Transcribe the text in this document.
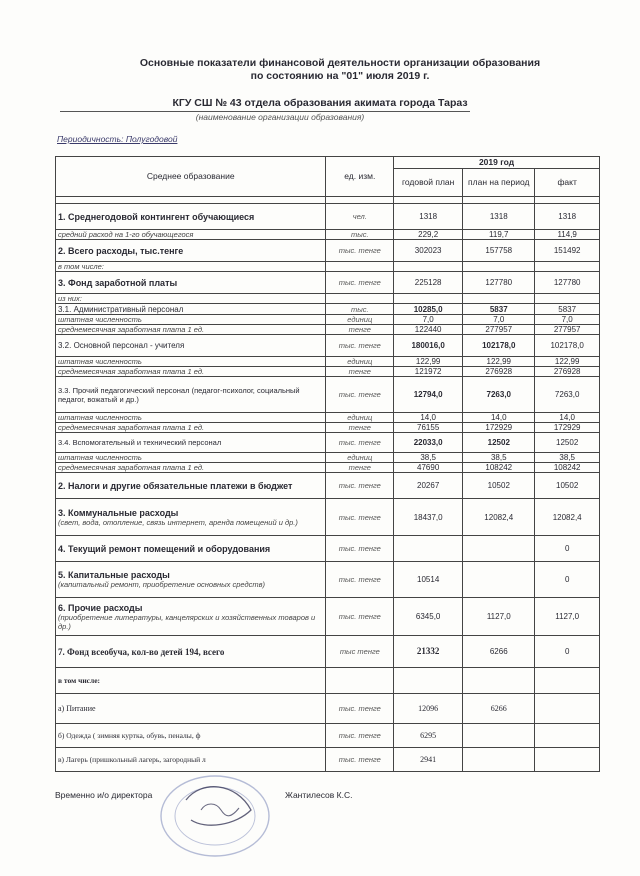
Основные показатели финансовой деятельности организации образования
по состоянию на "01" июля 2019 г.
КГУ СШ № 43 отдела образования акимата города Тараз
(наименование организации образования)
Периодичность: Полугодовой
Среднее образование	ед. изм.	2019 год		
		годовой план	план на период	факт

1. Среднегодовой контингент обучающиеся	чел.	1318	1318	1318
средний расход на 1-го обучающегося	тыс.	229,2	119,7	114,9
2. Всего расходы, тыс.тенге	тыс. тенге	302023	157758	151492
в том числе:				
3. Фонд заработной платы	тыс. тенге	225128	127780	127780
из них:				
3.1. Административный персонал	тыс.	10285,0	5837	5837
штатная численность	единиц	7,0	7,0	7,0
среднемесячная заработная плата 1 ед.	тенге	122440	277957	277957
3.2. Основной персонал - учителя	тыс. тенге	180016,0	102178,0	102178,0
штатная численность	единиц	122,99	122,99	122,99
среднемесячная заработная плата 1 ед.	тенге	121972	276928	276928
3.3. Прочий педагогический персонал (педагог-психолог, социальный педагог, вожатый и др.)	тыс. тенге	12794,0	7263,0	7263,0
штатная численность	единиц	14,0	14,0	14,0
среднемесячная заработная плата 1 ед.	тенге	76155	172929	172929
3.4. Вспомогательный и технический персонал	тыс. тенге	22033,0	12502	12502
штатная численность	единиц	38,5	38,5	38,5
среднемесячная заработная плата 1 ед.	тенге	47690	108242	108242
2. Налоги и другие обязательные платежи в бюджет	тыс. тенге	20267	10502	10502

3. Коммунальные расходы
(свет, вода, отопление, связь интернет, аренда помещений и др.)	тыс. тенге	18437,0	12082,4	12082,4
4. Текущий ремонт помещений и оборудования	тыс. тенге			0

5. Капитальные расходы
(капитальный ремонт, приобретение основных средств)	тыс. тенге	10514		0

6. Прочие расходы
(приобретение литературы, канцелярских и хозяйственных товаров и др.)	тыс. тенге	6345,0	1127,0	1127,0
7. Фонд всеобуча, кол-во детей 194, всего	тыс тенге	21332	6266	0
в том числе:				
а) Питание	тыс. тенге	12096	6266	
б) Одежда ( зимняя куртка, обувь, пеналы, ф	тыс. тенге	6295		
в) Лагерь (пришкольный лагерь, загородный л	тыс. тенге	2941		
Временно и/о директора	Жантилесов К.С.
